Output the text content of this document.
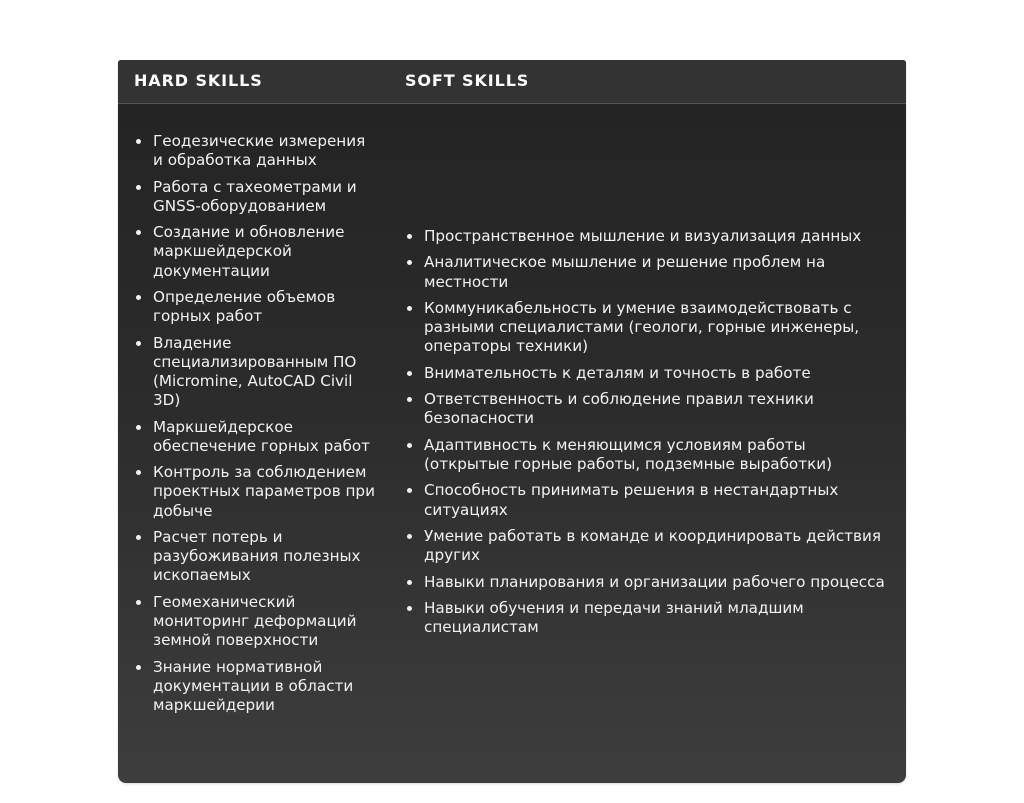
HARD SKILLS	SOFT SKILLS
Геодезические измерения и обработка данных
Работа с тахеометрами и GNSS-оборудованием
Создание и обновление маркшейдерской документации
Определение объемов горных работ
Владение специализированным ПО (Micromine, AutoCAD Civil 3D)
Маркшейдерское обеспечение горных работ
Контроль за соблюдением проектных параметров при добыче
Расчет потерь и разубоживания полезных ископаемых
Геомеханический мониторинг деформаций земной поверхности
Знание нормативной документации в области маркшейдерии
Пространственное мышление и визуализация данных
Аналитическое мышление и решение проблем на местности
Коммуникабельность и умение взаимодействовать с разными специалистами (геологи, горные инженеры, операторы техники)
Внимательность к деталям и точность в работе
Ответственность и соблюдение правил техники безопасности
Адаптивность к меняющимся условиям работы (открытые горные работы, подземные выработки)
Способность принимать решения в нестандартных ситуациях
Умение работать в команде и координировать действия других
Навыки планирования и организации рабочего процесса
Навыки обучения и передачи знаний младшим специалистам
